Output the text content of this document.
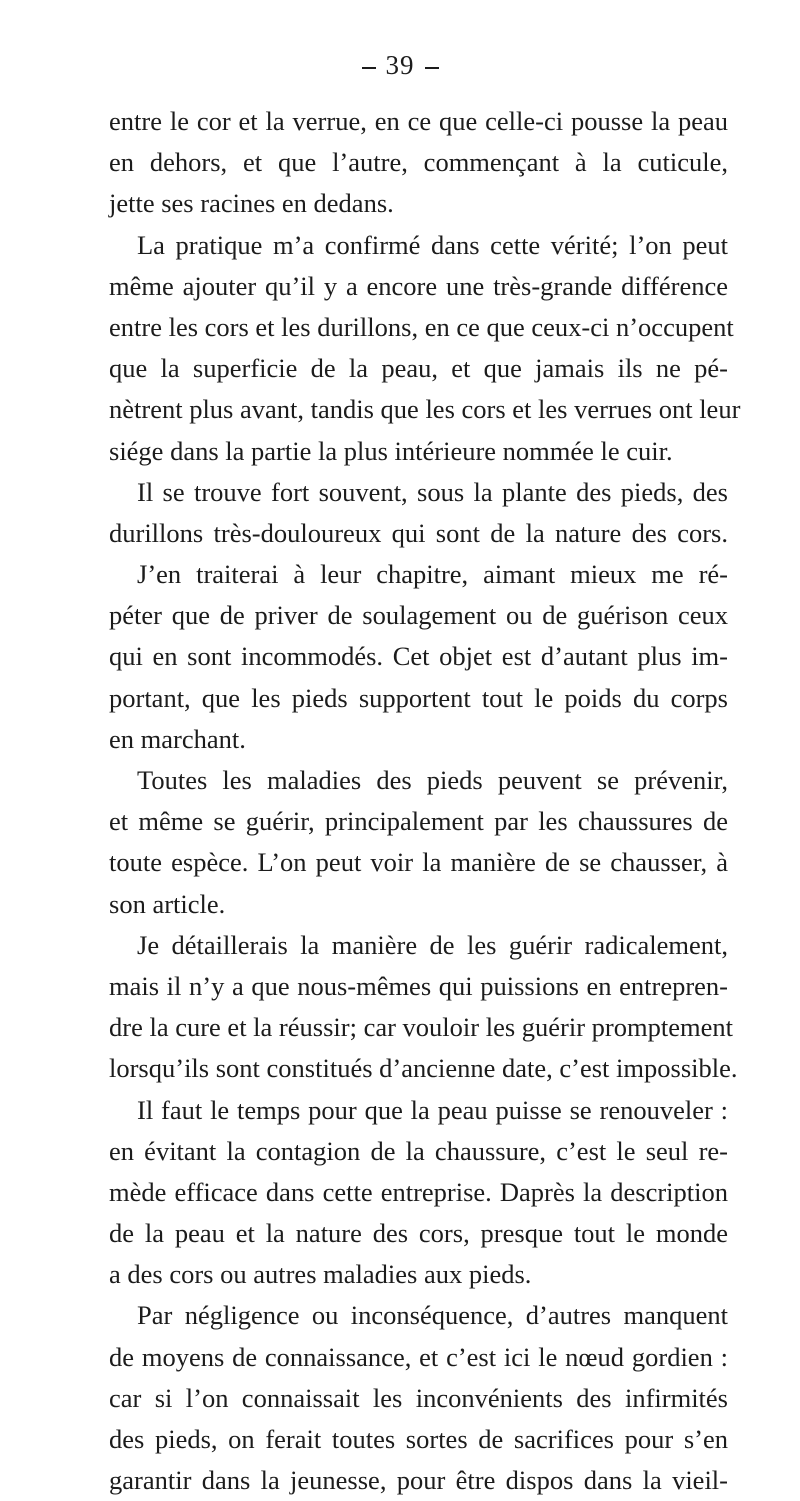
39
entre le cor et la verrue, en ce que celle-ci pousse la peau
en dehors, et que l’autre, commençant à la cuticule,
jette ses racines en dedans.
La pratique m’a confirmé dans cette vérité; l’on peut
même ajouter qu’il y a encore une très-grande différence
entre les cors et les durillons, en ce que ceux-ci n’occupent
que la superficie de la peau, et que jamais ils ne pé-
nètrent plus avant, tandis que les cors et les verrues ont leur
siége dans la partie la plus intérieure nommée le cuir.
Il se trouve fort souvent, sous la plante des pieds, des
durillons très-douloureux qui sont de la nature des cors.
J’en traiterai à leur chapitre, aimant mieux me ré-
péter que de priver de soulagement ou de guérison ceux
qui en sont incommodés. Cet objet est d’autant plus im-
portant, que les pieds supportent tout le poids du corps
en marchant.
Toutes les maladies des pieds peuvent se prévenir,
et même se guérir, principalement par les chaussures de
toute espèce. L’on peut voir la manière de se chausser, à
son article.
Je détaillerais la manière de les guérir radicalement,
mais il n’y a que nous-mêmes qui puissions en entrepren-
dre la cure et la réussir; car vouloir les guérir promptement
lorsqu’ils sont constitués d’ancienne date, c’est impossible.
Il faut le temps pour que la peau puisse se renouveler :
en évitant la contagion de la chaussure, c’est le seul re-
mède efficace dans cette entreprise. Daprès la description
de la peau et la nature des cors, presque tout le monde
a des cors ou autres maladies aux pieds.
Par négligence ou inconséquence, d’autres manquent
de moyens de connaissance, et c’est ici le nœud gordien :
car si l’on connaissait les inconvénients des infirmités
des pieds, on ferait toutes sortes de sacrifices pour s’en
garantir dans la jeunesse, pour être dispos dans la vieil-
